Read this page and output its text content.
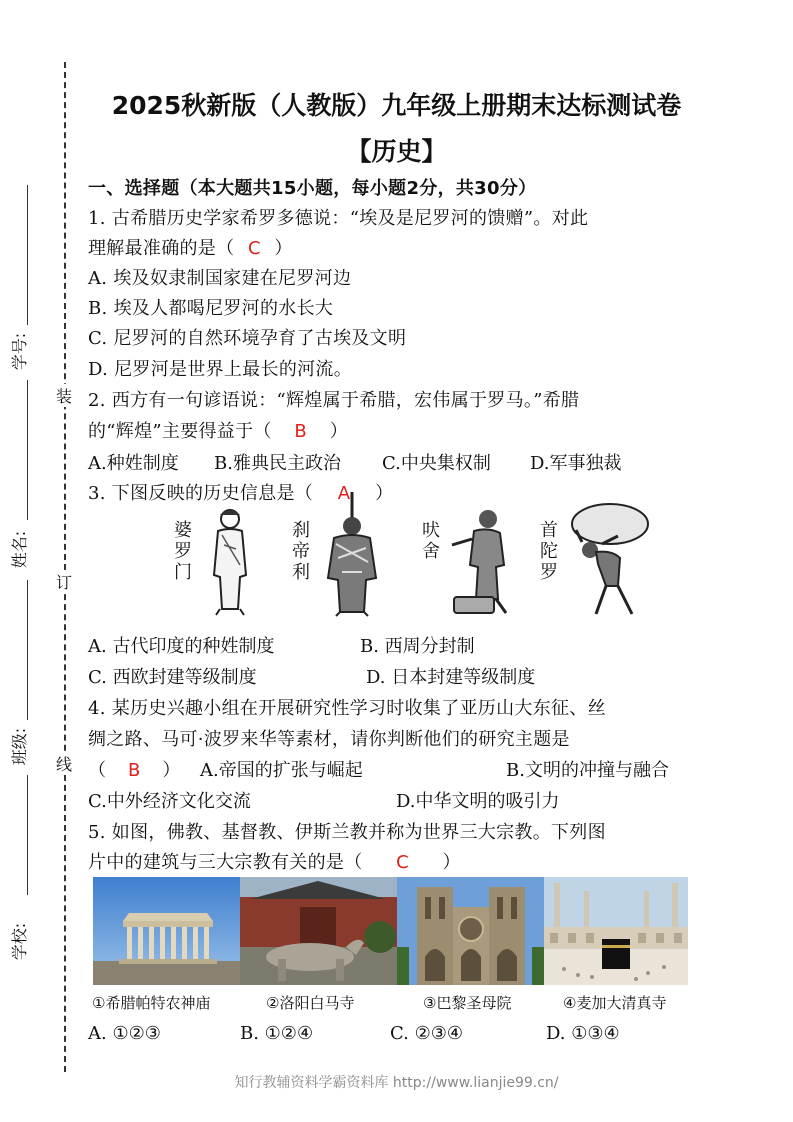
装
订
线
学号:
姓名:
班级:
学校:
2025秋新版（人教版）九年级上册期末达标测试卷
【历史】
一、选择题（本大题共15小题，每小题2分，共30分）
1. 古希腊历史学家希罗多德说：“埃及是尼罗河的馈赠”。对此
理解最准确的是（ C ）
A. 埃及奴隶制国家建在尼罗河边
B. 埃及人都喝尼罗河的水长大
C. 尼罗河的自然环境孕育了古埃及文明
D. 尼罗河是世界上最长的河流。
2. 西方有一句谚语说：“辉煌属于希腊，宏伟属于罗马。”希腊
的“辉煌”主要得益于（ B ）
A.种姓制度 B.雅典民主政治 C.中央集权制 D.军事独裁
3. 下图反映的历史信息是（ A ）
婆
罗
门
刹
帝
利
吠
舍
首
陀
罗
A. 古代印度的种姓制度	B. 西周分封制
C. 西欧封建等级制度	D. 日本封建等级制度
4. 某历史兴趣小组在开展研究性学习时收集了亚历山大东征、丝
绸之路、马可·波罗来华等素材，请你判断他们的研究主题是
（ B ） A.帝国的扩张与崛起	B.文明的冲撞与融合
C.中外经济文化交流	D.中华文明的吸引力
5. 如图，佛教、基督教、伊斯兰教并称为世界三大宗教。下列图
片中的建筑与三大宗教有关的是（ C ）
①希腊帕特农神庙	②洛阳白马寺	③巴黎圣母院	④麦加大清真寺
A. ①②③	B. ①②④	C. ②③④	D. ①③④
知行教辅资料学霸资料库 http://www.lianjie99.cn/
